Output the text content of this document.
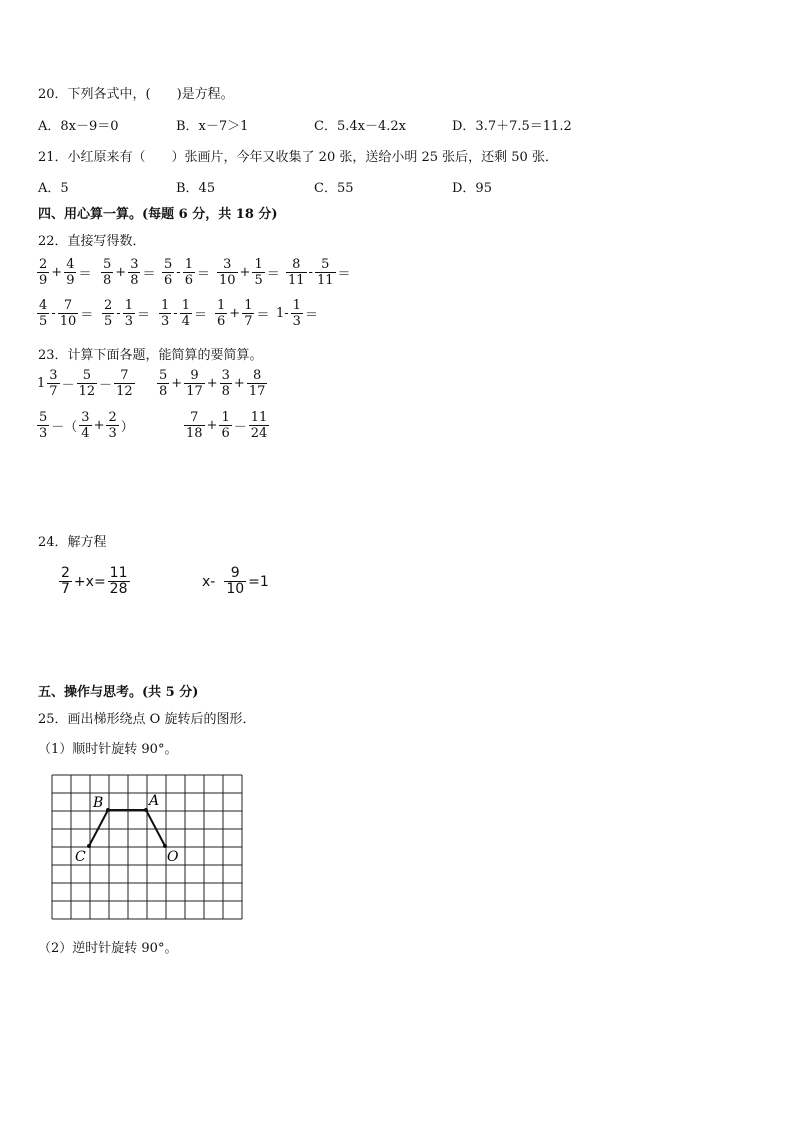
20．下列各式中，(　　)是方程。
A．8x－9＝0	B．x－7＞1	C．5.4x－4.2x	D．3.7＋7.5＝11.2
21．小红原来有（　　）张画片，今年又收集了 20 张，送给小明 25 张后，还剩 50 张．
A．5	B．45	C．55	D．95
四、用心算一算。(每题 6 分，共 18 分)
22．直接写得数．
$\frac{2}{9} + \frac{4}{9} = \frac{5}{8} + \frac{3}{8} = \frac{5}{6} - \frac{1}{6} = \frac{3}{10} + \frac{1}{5} = \frac{8}{11} - \frac{5}{11}$ ＝
$\frac{4}{5} - \frac{7}{10} = \frac{2}{5} - \frac{1}{3} = \frac{1}{3} - \frac{1}{4} = \frac{1}{6} + \frac{1}{7} = 1- \frac{1}{3}$ ＝
23．计算下面各题，能简算的要简算。
$1 \frac{3}{7} - \frac{5}{12} - \frac{7}{12} \frac{5}{8} + \frac{9}{17} + \frac{3}{8} + \frac{8}{17}$
$\frac{5}{3}$ －（ $\frac{3}{4} + \frac{2}{3}$ ）	$\frac{7}{18} + \frac{1}{6} - \frac{11}{24}$
24．解方程
$\frac{2}{7} +x= \frac{11}{28}$	$x- \frac{9}{10} =1$
五、操作与思考。(共 5 分)
25．画出梯形绕点 O 旋转后的图形．
（1）顺时针旋转 90°。
B	A
C	O
（2）逆时针旋转 90°。
